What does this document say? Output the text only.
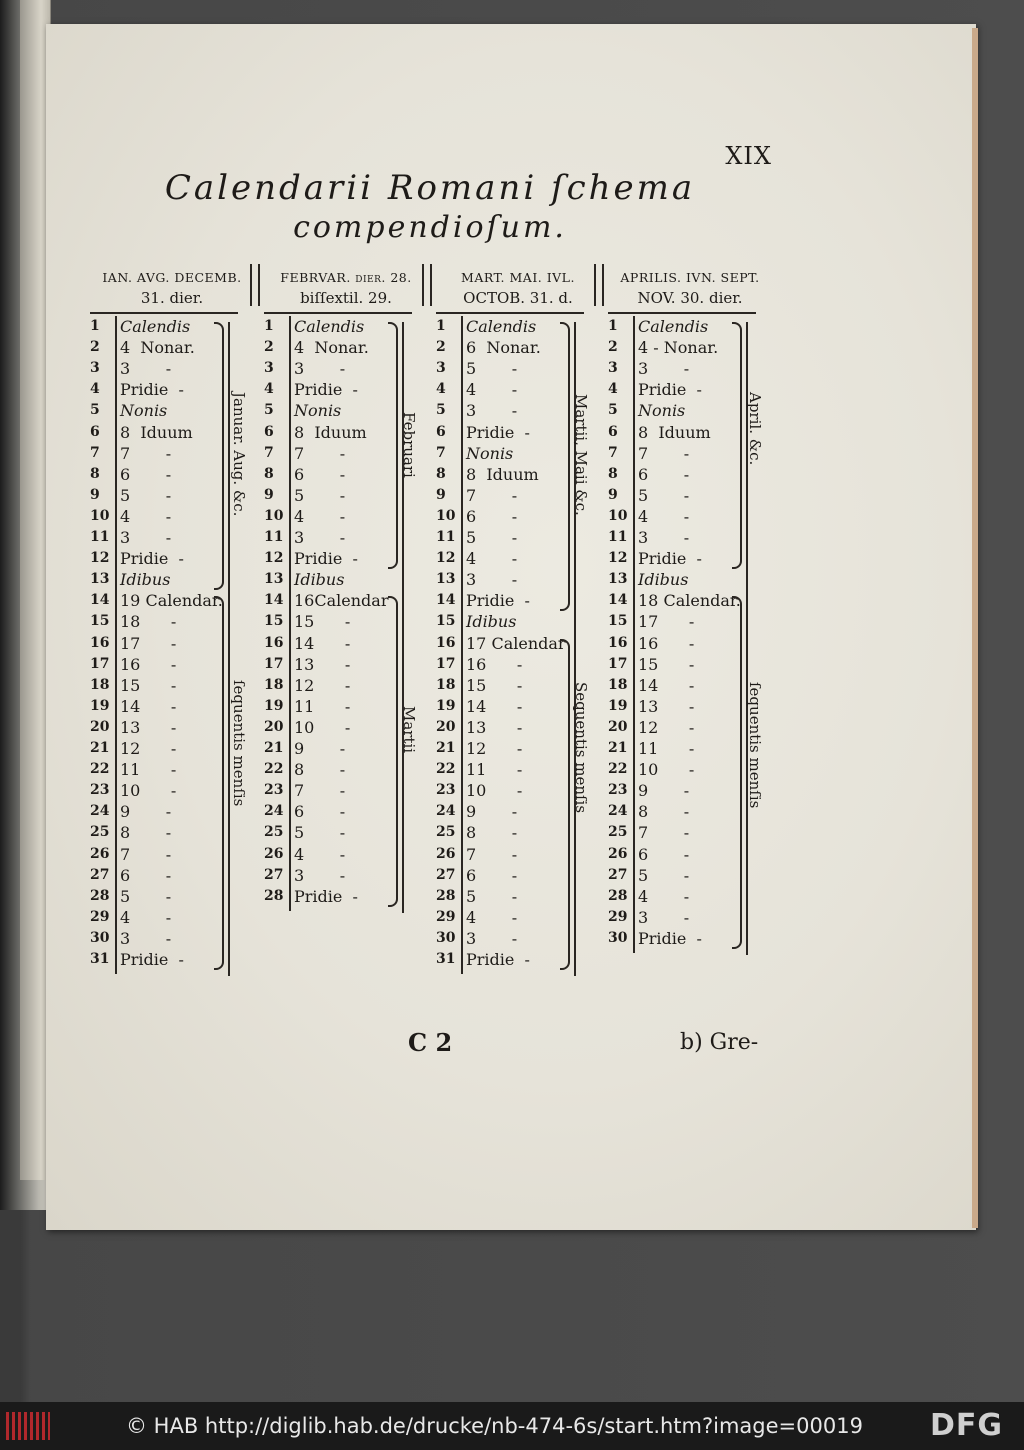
XIX
Calendarii Romani ſchema
compendioſum.
IAN. AVG. DECEMB.
31. dier.
1 Calendis
2 4  Nonar.
3 3       -
4 Pridie  -
5 Nonis
6 8  Iduum
7 7       -
8 6       -
9 5       -
10 4       -
11 3       -
12 Pridie  -
13 Idibus
14 19 Calendar.
15 18      -
16 17      -
17 16      -
18 15      -
19 14      -
20 13      -
21 12      -
22 11      -
23 10      -
24 9       -
25 8       -
26 7       -
27 6       -
28 5       -
29 4       -
30 3       -
31 Pridie  -
Januar. Aug. &c.
ſequentis menſis
FEBRVAR. dier. 28.
biſſextil. 29.
1 Calendis
2 4  Nonar.
3 3       -
4 Pridie  -
5 Nonis
6 8  Iduum
7 7       -
8 6       -
9 5       -
10 4       -
11 3       -
12 Pridie  -
13 Idibus
14 16Calendar
15 15      -
16 14      -
17 13      -
18 12      -
19 11      -
20 10      -
21 9       -
22 8       -
23 7       -
24 6       -
25 5       -
26 4       -
27 3       -
28 Pridie  -
Februari
Martii
MART. MAI. IVL.
OCTOB. 31. d.
1 Calendis
2 6  Nonar.
3 5       -
4 4       -
5 3       -
6 Pridie  -
7 Nonis
8 8  Iduum
9 7       -
10 6       -
11 5       -
12 4       -
13 3       -
14 Pridie  -
15 Idibus
16 17 Calendar
17 16      -
18 15      -
19 14      -
20 13      -
21 12      -
22 11      -
23 10      -
24 9       -
25 8       -
26 7       -
27 6       -
28 5       -
29 4       -
30 3       -
31 Pridie  -
Martii, Maii &c.
Sequentis menſis
APRILIS. IVN. SEPT.
NOV. 30. dier.
1 Calendis
2 4 - Nonar.
3 3       -
4 Pridie  -
5 Nonis
6 8  Iduum
7 7       -
8 6       -
9 5       -
10 4       -
11 3       -
12 Pridie  -
13 Idibus
14 18 Calendar.
15 17      -
16 16      -
17 15      -
18 14      -
19 13      -
20 12      -
21 11      -
22 10      -
23 9       -
24 8       -
25 7       -
26 6       -
27 5       -
28 4       -
29 3       -
30 Pridie  -
April. &c.
ſequentis menſis
C 2	b) Gre-
© HAB http://diglib.hab.de/drucke/nb-474-6s/start.htm?image=00019 DFG
